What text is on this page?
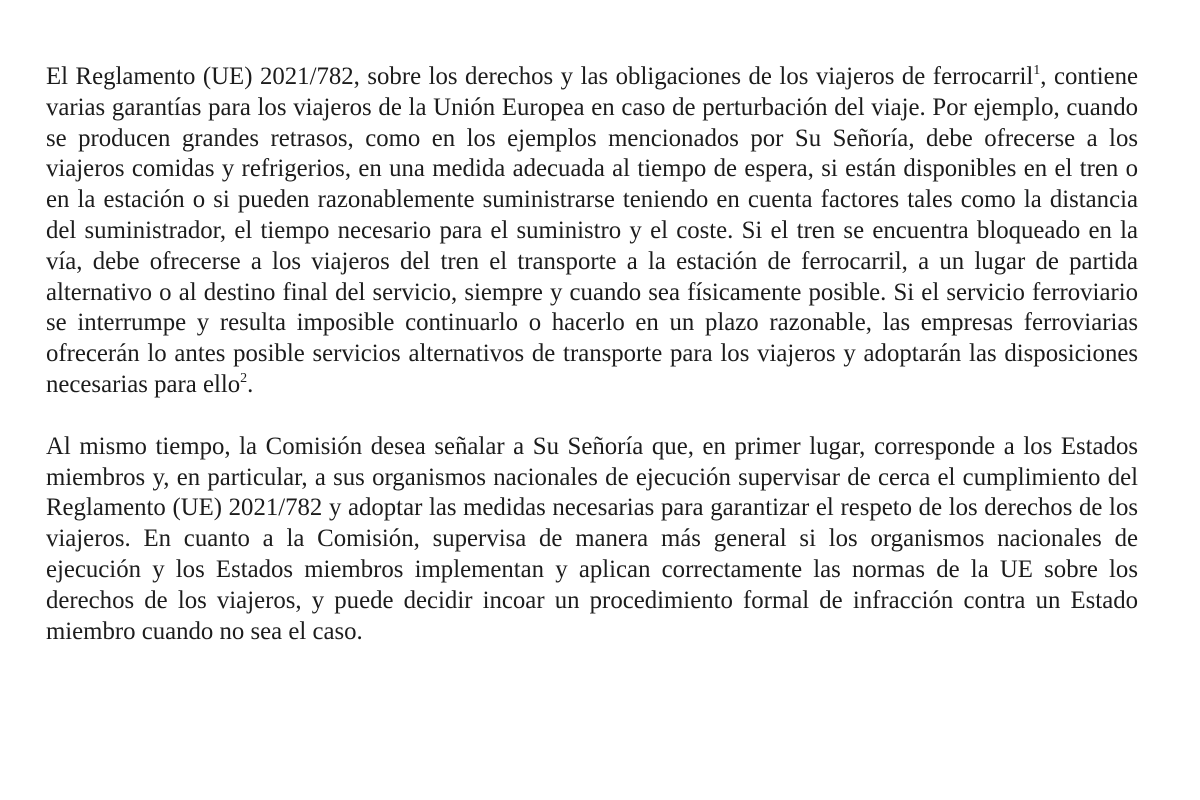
El Reglamento (UE) 2021/782, sobre los derechos y las obligaciones de los viajeros de ferrocarril$^1$, contiene varias garantías para los viajeros de la Unión Europea en caso de perturbación del viaje. Por ejemplo, cuando se producen grandes retrasos, como en los ejemplos mencionados por Su Señoría, debe ofrecerse a los viajeros comidas y refrigerios, en una medida adecuada al tiempo de espera, si están disponibles en el tren o en la estación o si pueden razonablemente suministrarse teniendo en cuenta factores tales como la distancia del suministrador, el tiempo necesario para el suministro y el coste. Si el tren se encuentra bloqueado en la vía, debe ofrecerse a los viajeros del tren el transporte a la estación de ferrocarril, a un lugar de partida alternativo o al destino final del servicio, siempre y cuando sea físicamente posible. Si el servicio ferroviario se interrumpe y resulta imposible continuarlo o hacerlo en un plazo razonable, las empresas ferroviarias ofrecerán lo antes posible servicios alternativos de transporte para los viajeros y adoptarán las disposiciones necesarias para ello$^2$.

Al mismo tiempo, la Comisión desea señalar a Su Señoría que, en primer lugar, corresponde a los Estados miembros y, en particular, a sus organismos nacionales de ejecución supervisar de cerca el cumplimiento del Reglamento (UE) 2021/782 y adoptar las medidas necesarias para garantizar el respeto de los derechos de los viajeros. En cuanto a la Comisión, supervisa de manera más general si los organismos nacionales de ejecución y los Estados miembros implementan y aplican correctamente las normas de la UE sobre los derechos de los viajeros, y puede decidir incoar un procedimiento formal de infracción contra un Estado miembro cuando no sea el caso.
